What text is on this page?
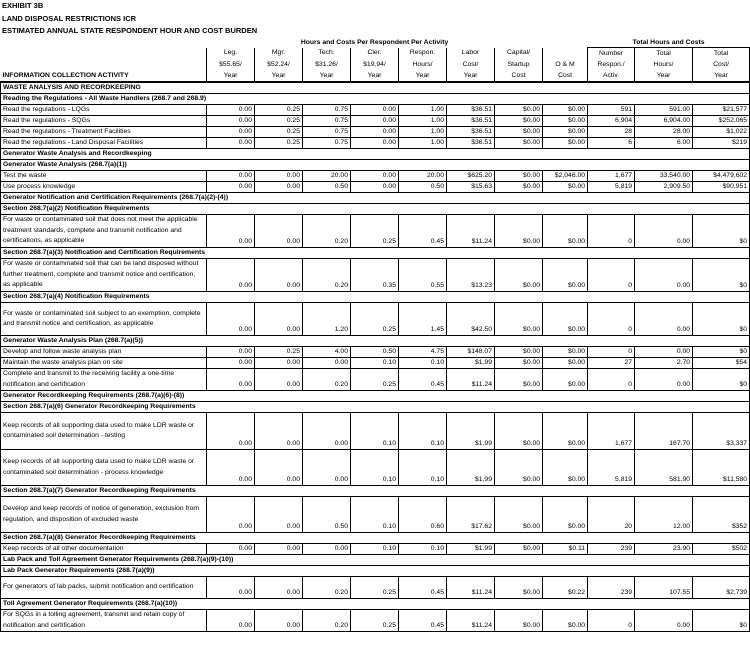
EXHIBIT 3B
LAND DISPOSAL RESTRICTIONS ICR
ESTIMATED ANNUAL STATE RESPONDENT HOUR AND COST BURDEN
	Hours and Costs Per Respondent Per Activity								Total Hours and Costs		
	Leg.	Mgr.	Tech.	Cler.	Respon.	Labor	Capital/		Number	Total	Total
	$55.65/	$52.24/	$31.26/	$19.94/	Hours/	Cost/	Startup	O & M	Respon./	Hours/	Cost/
INFORMATION COLLECTION ACTIVITY	Year	Year	Year	Year	Year	Year	Cost	Cost	Activ.	Year	Year
WASTE ANALYSIS AND RECORDKEEPING											
Reading the Regulations - All Waste Handlers (268.7 and 268.9)											
Read the regulations - LQGs	0.00	0.25	0.75	0.00	1.00	$36.51	$0.00	$0.00	591	591.00	$21,577
Read the regulations - SQGs	0.00	0.25	0.75	0.00	1.00	$36.51	$0.00	$0.00	6,904	6,904.00	$252,065
Read the regulations - Treatment Facilities	0.00	0.25	0.75	0.00	1.00	$36.51	$0.00	$0.00	28	28.00	$1,022
Read the regulations - Land Disposal Facilities	0.00	0.25	0.75	0.00	1.00	$36.51	$0.00	$0.00	6	6.00	$219
Generator Waste Analysis and Recordkeeping											
Generator Waste Analysis (268.7(a)(1))											
Test the waste	0.00	0.00	20.00	0.00	20.00	$625.20	$0.00	$2,046.00	1,677	33,540.00	$4,479,602
Use process knowledge	0.00	0.00	0.50	0.00	0.50	$15.63	$0.00	$0.00	5,819	2,909.50	$90,951
Generator Notification and Certification Requirements (268.7(a)(2)-(4))											
Section 268.7(a)(2) Notification Requirements											
For waste or contaminated soil that does not meet the applicable treatment standards, complete and transmit notification and certifications, as applicable	0.00	0.00	0.20	0.25	0.45	$11.24	$0.00	$0.00	0	0.00	$0
Section 268.7(a)(3) Notification and Certification Requirements											
For waste or contaminated soil that can be land disposed without further treatment, complete and transmit notice and certification, as applicable	0.00	0.00	0.20	0.35	0.55	$13.23	$0.00	$0.00	0	0.00	$0
Section 268.7(a)(4) Notification Requirements											
For waste or contaminated soil subject to an exemption, complete and transmit notice and certification, as applicable	0.00	0.00	1.20	0.25	1.45	$42.50	$0.00	$0.00	0	0.00	$0
Generator Waste Analysis Plan (268.7(a)(5))											
Develop and follow waste analysis plan	0.00	0.25	4.00	0.50	4.75	$148.07	$0.00	$0.00	0	0.00	$0
Maintain the waste analysis plan on site	0.00	0.00	0.00	0.10	0.10	$1.99	$0.00	$0.00	27	2.70	$54
Complete and transmit to the receiving facility a one-time notification and certification	0.00	0.00	0.20	0.25	0.45	$11.24	$0.00	$0.00	0	0.00	$0
Generator Recordkeeping Requirements (268.7(a)(6)-(8))											
Section 268.7(a)(6) Generator Recordkeeping Requirements											
Keep records of all supporting data used to make LDR waste or contaminated soil determination - testing	0.00	0.00	0.00	0.10	0.10	$1.99	$0.00	$0.00	1,677	167.70	$3,337
Keep records of all supporting data used to make LDR waste or contaminated soil determination - process knowledge	0.00	0.00	0.00	0.10	0.10	$1.99	$0.00	$0.00	5,819	581.90	$11,580
Section 268.7(a)(7) Generator Recordkeeping Requirements											
Develop and keep records of notice of generation, exclusion from regulation, and disposition of excluded waste	0.00	0.00	0.50	0.10	0.60	$17.62	$0.00	$0.00	20	12.00	$352
Section 268.7(a)(8) Generator Recordkeeping Requirements											
Keep records of all other documentation	0.00	0.00	0.00	0.10	0.10	$1.99	$0.00	$0.11	239	23.90	$502
Lab Pack and Toll Agreement Generator Requirements (268.7(a)(9)-(10))											
Lab Pack Generator Requirements (268.7(a)(9))											
For generators of lab packs, submit notification and certification	0.00	0.00	0.20	0.25	0.45	$11.24	$0.00	$0.22	239	107.55	$2,739
Toll Agreement Generator Requirements (268.7(a)(10))											
For SQGs in a tolling agreement, transmit and retain copy of notification and certification	0.00	0.00	0.20	0.25	0.45	$11.24	$0.00	$0.00	0	0.00	$0
